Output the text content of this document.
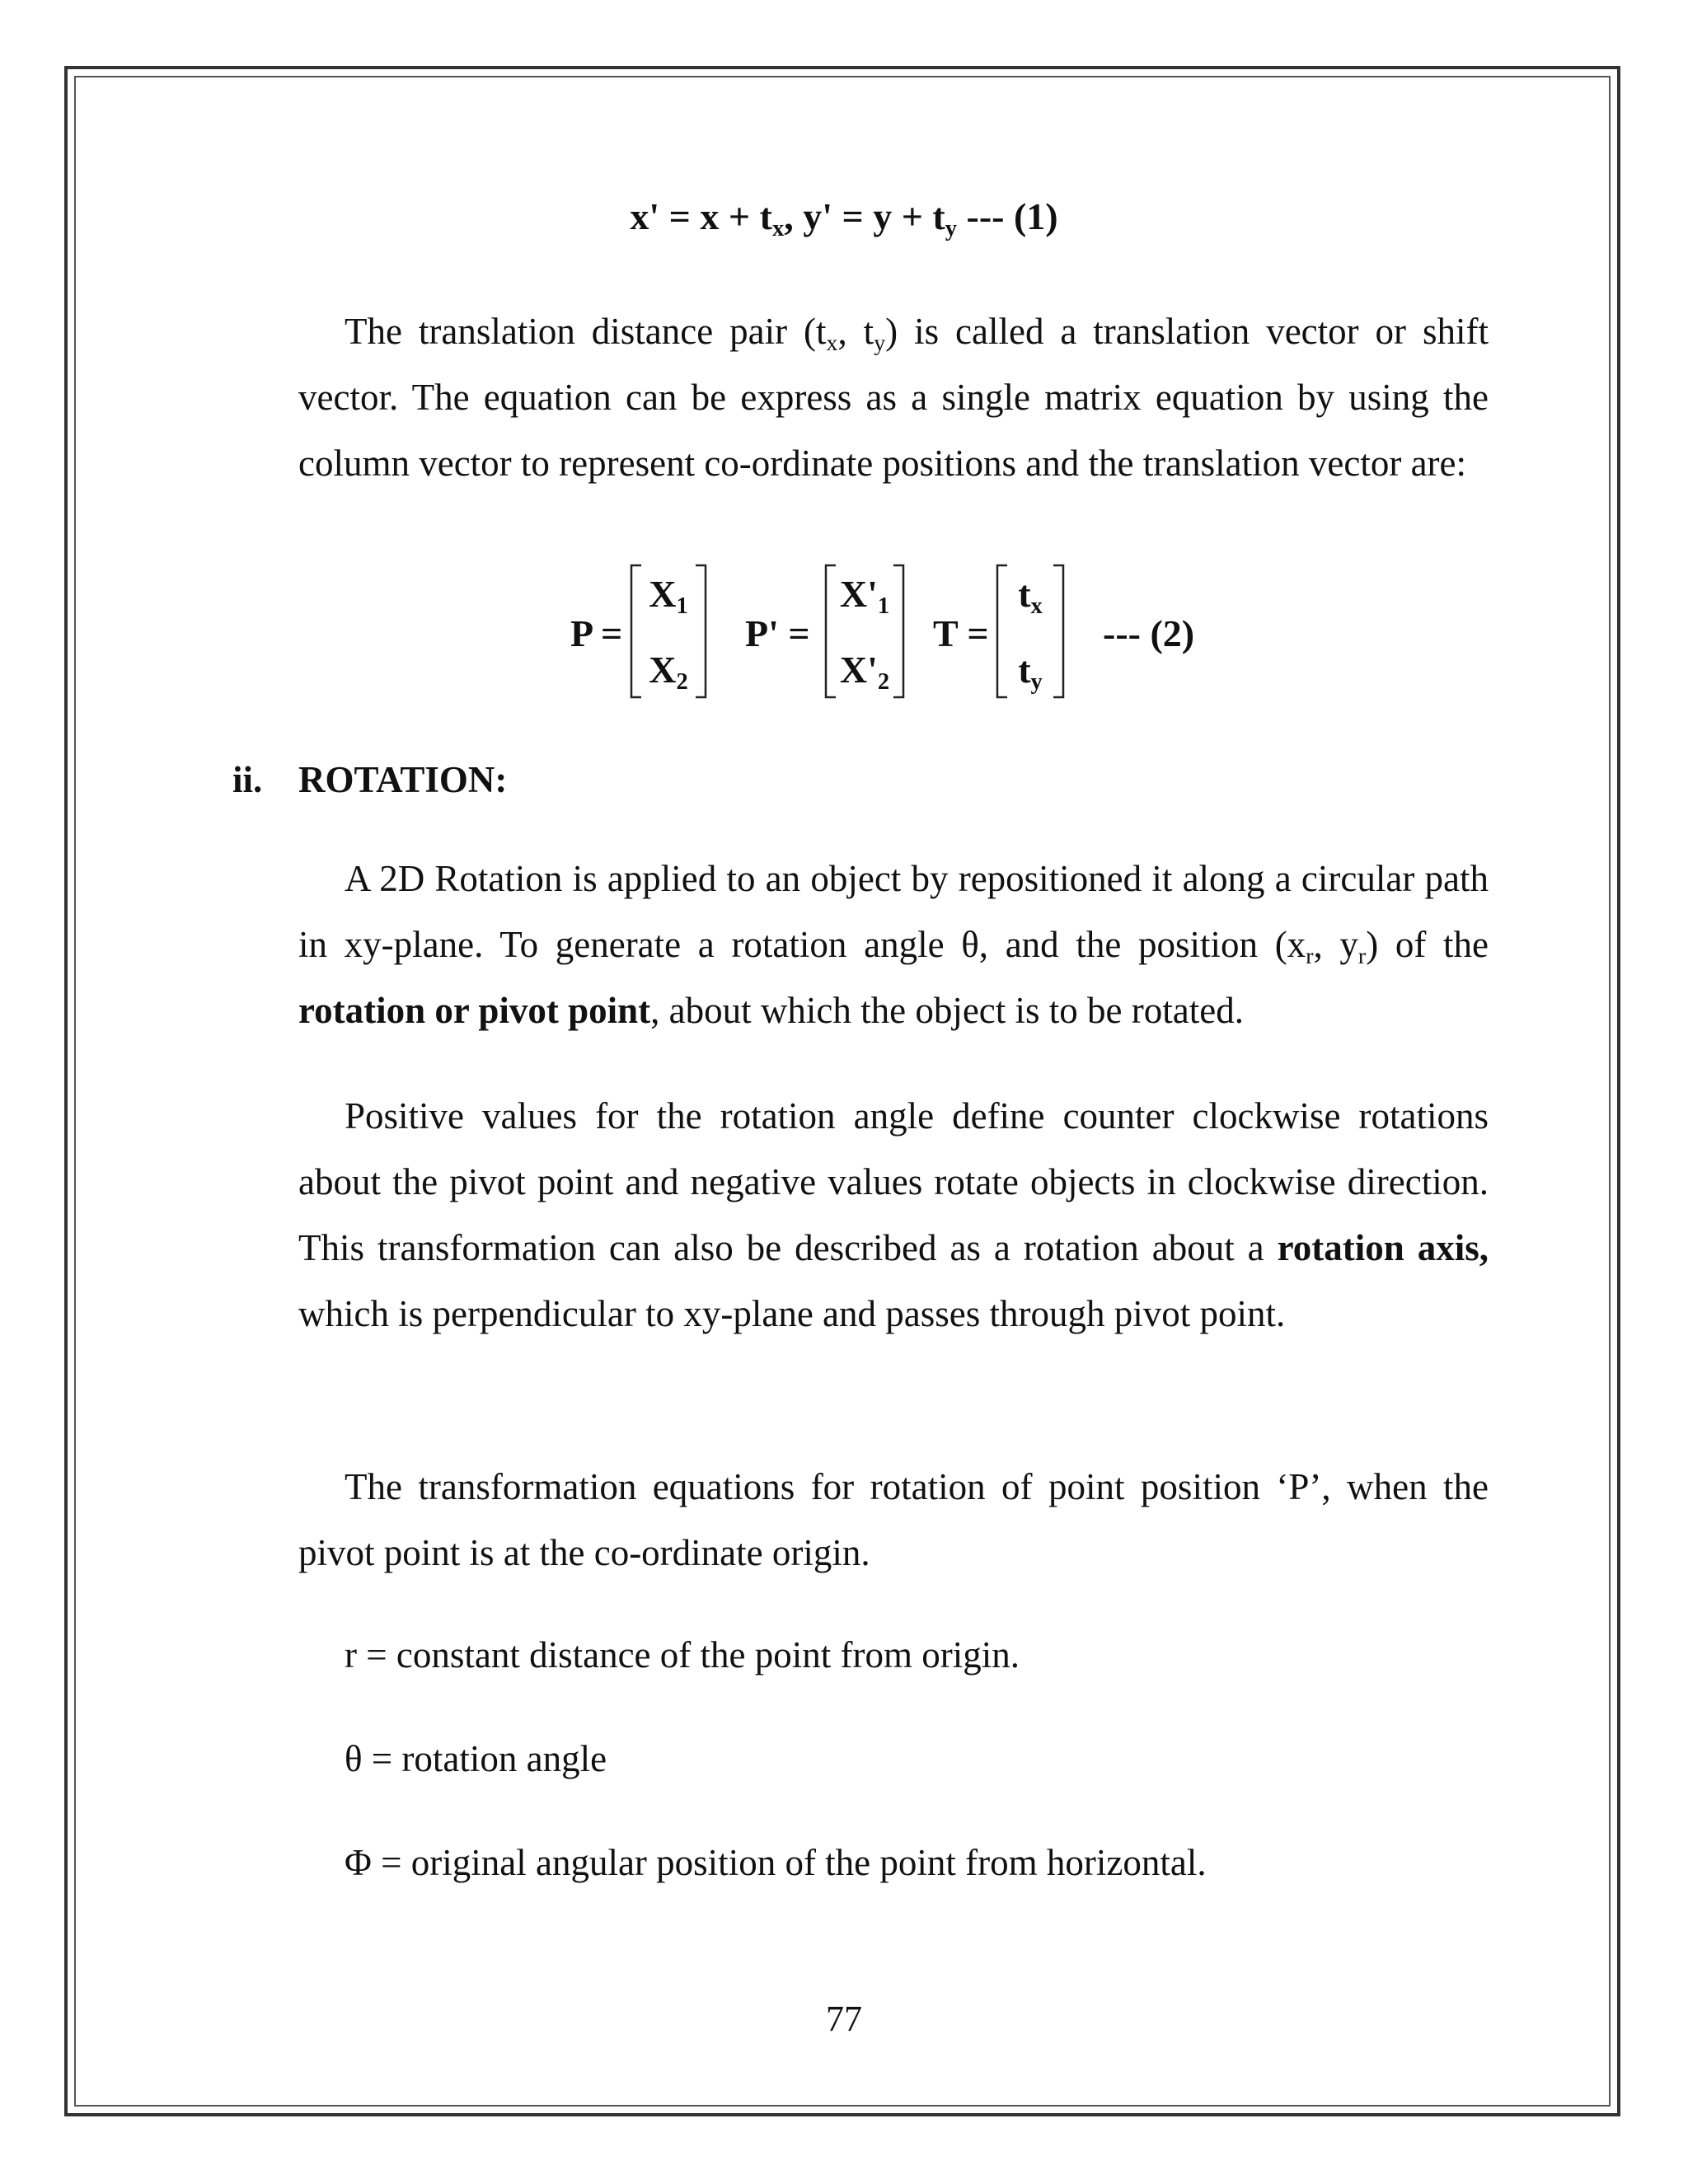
$x' = x + t_x$, $y' = y + t_y$ --- (1)

The translation distance pair ($t_x$, $t_y$) is called a translation vector or shift vector. The equation can be express as a single matrix equation by using the column vector to represent co-ordinate positions and the translation vector are:

P =
$X_1$
$X_2$
P' =
$X'_1$
$X'_2$
T =
$t_x$
$t_y$
--- (2)
ii. ROTATION:

A 2D Rotation is applied to an object by repositioned it along a circular path in xy-plane. To generate a rotation angle θ, and the position ($x_r$, $y_r$) of the rotation or pivot point, about which the object is to be rotated.

Positive values for the rotation angle define counter clockwise rotations about the pivot point and negative values rotate objects in clockwise direction. This transformation can also be described as a rotation about a rotation axis, which is perpendicular to xy-plane and passes through pivot point.

The transformation equations for rotation of point position ‘P’, when the pivot point is at the co-ordinate origin.

r = constant distance of the point from origin.

θ = rotation angle

Φ = original angular position of the point from horizontal.

77
